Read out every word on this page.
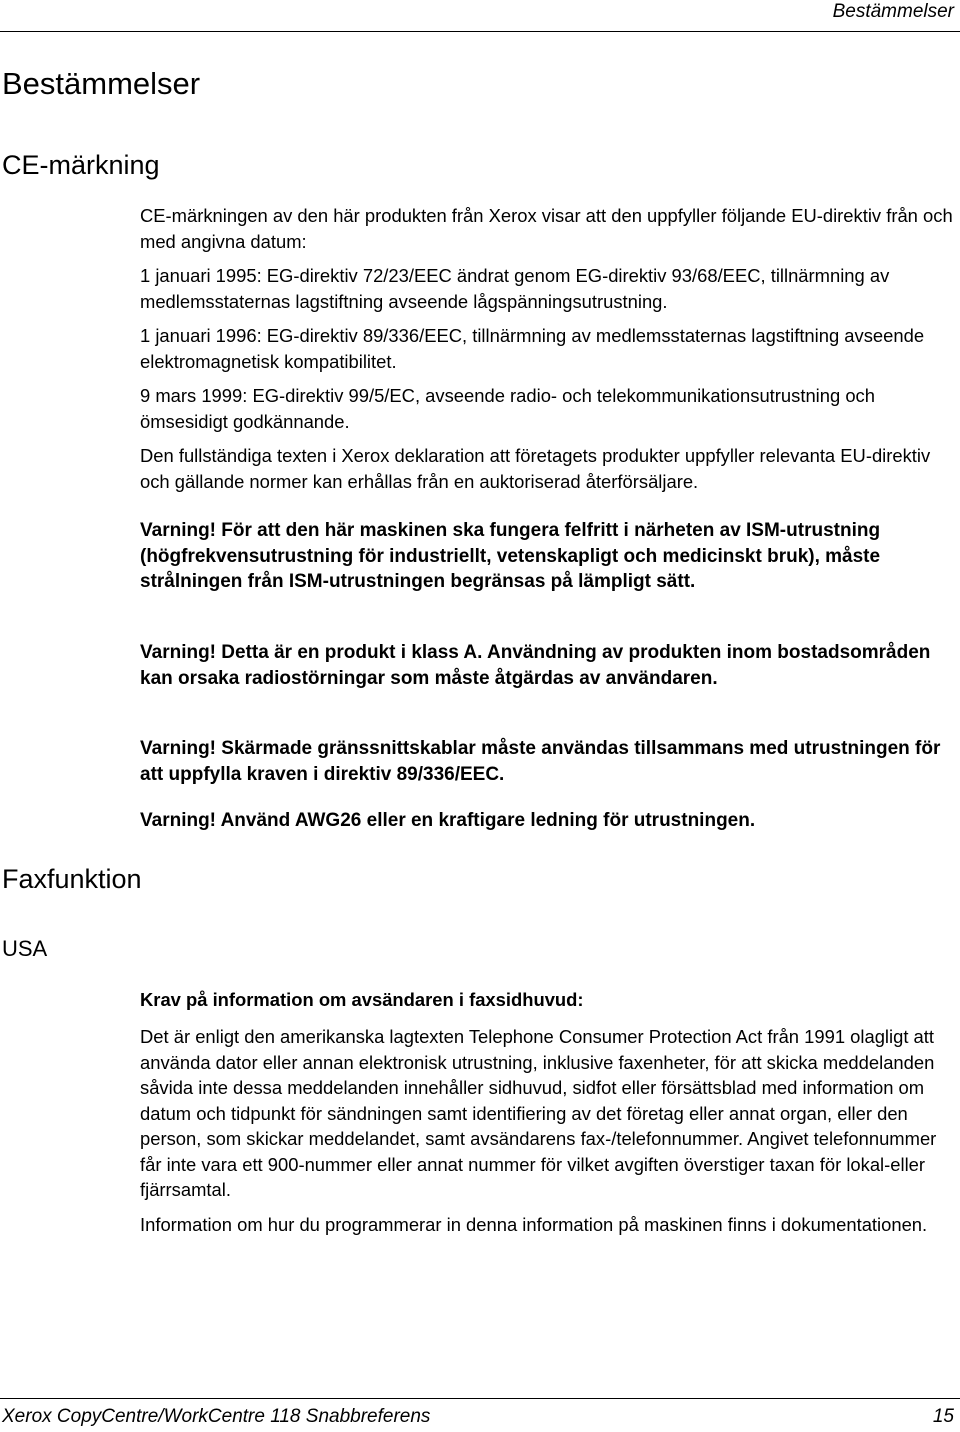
Bestämmelser
Bestämmelser
CE-märkning

CE-märkningen av den här produkten från Xerox visar att den uppfyller följande EU-direktiv från och med angivna datum:

1 januari 1995: EG-direktiv 72/23/EEC ändrat genom EG-direktiv 93/68/EEC, tillnärmning av medlemsstaternas lagstiftning avseende lågspänningsutrustning.

1 januari 1996: EG-direktiv 89/336/EEC, tillnärmning av medlemsstaternas lagstiftning avseende elektromagnetisk kompatibilitet.

9 mars 1999: EG-direktiv 99/5/EC, avseende radio- och telekommunikationsutrustning och ömsesidigt godkännande.

Den fullständiga texten i Xerox deklaration att företagets produkter uppfyller relevanta EU-direktiv och gällande normer kan erhållas från en auktoriserad återförsäljare.

Varning! För att den här maskinen ska fungera felfritt i närheten av ISM-utrustning (högfrekvensutrustning för industriellt, vetenskapligt och medicinskt bruk), måste strålningen från ISM-utrustningen begränsas på lämpligt sätt.
Varning! Detta är en produkt i klass A. Användning av produkten inom bostadsområden kan orsaka radiostörningar som måste åtgärdas av användaren.
Varning! Skärmade gränssnittskablar måste användas tillsammans med utrustningen för att uppfylla kraven i direktiv 89/336/EEC.
Varning! Använd AWG26 eller en kraftigare ledning för utrustningen.
Faxfunktion
USA
Krav på information om avsändaren i faxsidhuvud:

Det är enligt den amerikanska lagtexten Telephone Consumer Protection Act från 1991 olagligt att använda dator eller annan elektronisk utrustning, inklusive faxenheter, för att skicka meddelanden såvida inte dessa meddelanden innehåller sidhuvud, sidfot eller försättsblad med information om datum och tidpunkt för sändningen samt identifiering av det företag eller annat organ, eller den person, som skickar meddelandet, samt avsändarens fax-/telefonnummer. Angivet telefonnummer får inte vara ett 900-nummer eller annat nummer för vilket avgiften överstiger taxan för lokal-eller fjärrsamtal.

Information om hur du programmerar in denna information på maskinen finns i dokumentationen.

Xerox CopyCentre/WorkCentre 118 Snabbreferens	15
